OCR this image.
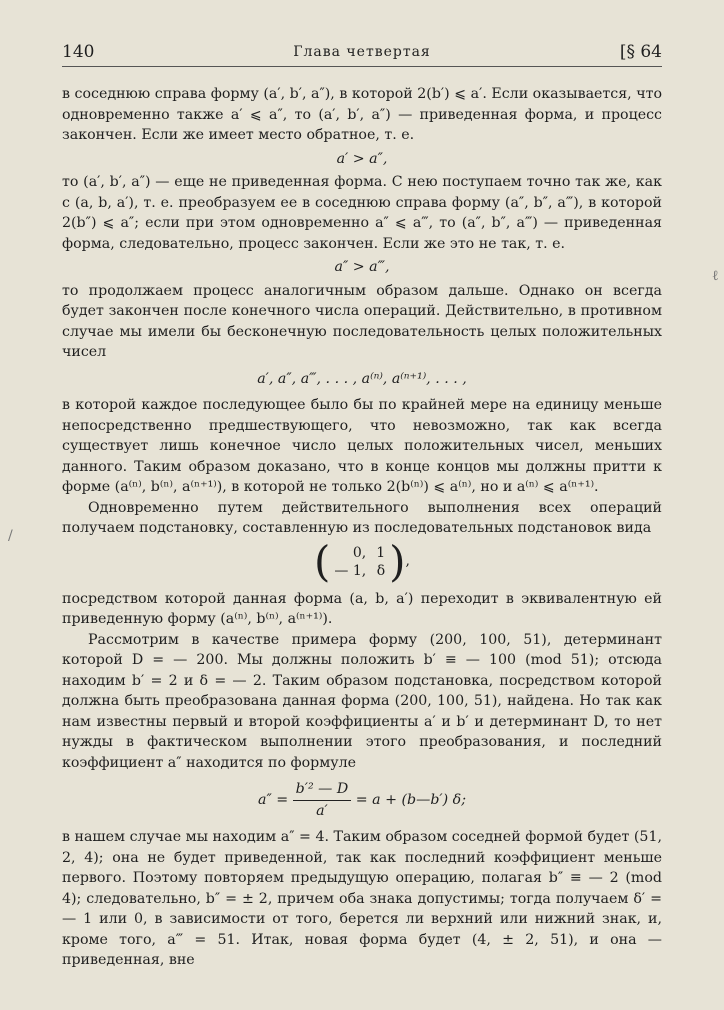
140	Глава четвертая	[§ 64

в соседнюю справа форму (a′, b′, a″), в которой 2(b′) ⩽ a′. Если оказывается, что одновременно также a′ ⩽ a″, то (a′, b′, a″) — приведенная форма, и процесс закончен. Если же имеет место обратное, т. е.

a′ > a″,

то (a′, b′, a″) — еще не приведенная форма. С нею поступаем точно так же, как с (a, b, a′), т. е. преобразуем ее в соседнюю справа форму (a″, b″, a‴), в которой 2(b″) ⩽ a″; если при этом одновременно a″ ⩽ a‴, то (a″, b″, a‴) — приведенная форма, следовательно, процесс закончен. Если же это не так, т. е.

a″ > a‴,

то продолжаем процесс аналогичным образом дальше. Однако он всегда будет закончен после конечного числа операций. Действительно, в противном случае мы имели бы бесконечную последовательность целых положительных чисел

a′, a″, a‴, . . . , a⁽ⁿ⁾, a⁽ⁿ⁺¹⁾, . . . ,

в которой каждое последующее было бы по крайней мере на единицу меньше непосредственно предшествующего, что невозможно, так как всегда существует лишь конечное число целых положительных чисел, меньших данного. Таким образом доказано, что в конце концов мы должны притти к форме (a⁽ⁿ⁾, b⁽ⁿ⁾, a⁽ⁿ⁺¹⁾), в которой не только 2(b⁽ⁿ⁾) ⩽ a⁽ⁿ⁾, но и a⁽ⁿ⁾ ⩽ a⁽ⁿ⁺¹⁾.

Одновременно путем действительного выполнения всех операций получаем подстановку, составленную из последовательных подстановок вида

(	0, 1
— 1, δ ) ,

посредством которой данная форма (a, b, a′) переходит в эквивалентную ей приведенную форму (a⁽ⁿ⁾, b⁽ⁿ⁾, a⁽ⁿ⁺¹⁾).

Рассмотрим в качестве примера форму (200, 100, 51), детерминант которой D = — 200. Мы должны положить b′ ≡ — 100 (mod 51); отсюда находим b′ = 2 и δ = — 2. Таким образом подстановка, посредством которой должна быть преобразована данная форма (200, 100, 51), найдена. Но так как нам известны первый и второй коэффициенты a′ и b′ и детерминант D, то нет нужды в фактическом выполнении этого преобразования, и последний коэффициент a″ находится по формуле

$a'' = \frac{\text{b′² — D}}{a'} = a$ + (b—b′) δ;

в нашем случае мы находим a″ = 4. Таким образом соседней формой будет (51, 2, 4); она не будет приведенной, так как последний коэффициент меньше первого. Поэтому повторяем предыдущую операцию, полагая b″ ≡ — 2 (mod 4); следовательно, b″ = ± 2, причем оба знака допустимы; тогда получаем δ′ = — 1 или 0, в зависимости от того, берется ли верхний или нижний знак, и, кроме того, a‴ = 51. Итак, новая форма будет (4, ± 2, 51), и она — приведенная, вне

/
ℓ
